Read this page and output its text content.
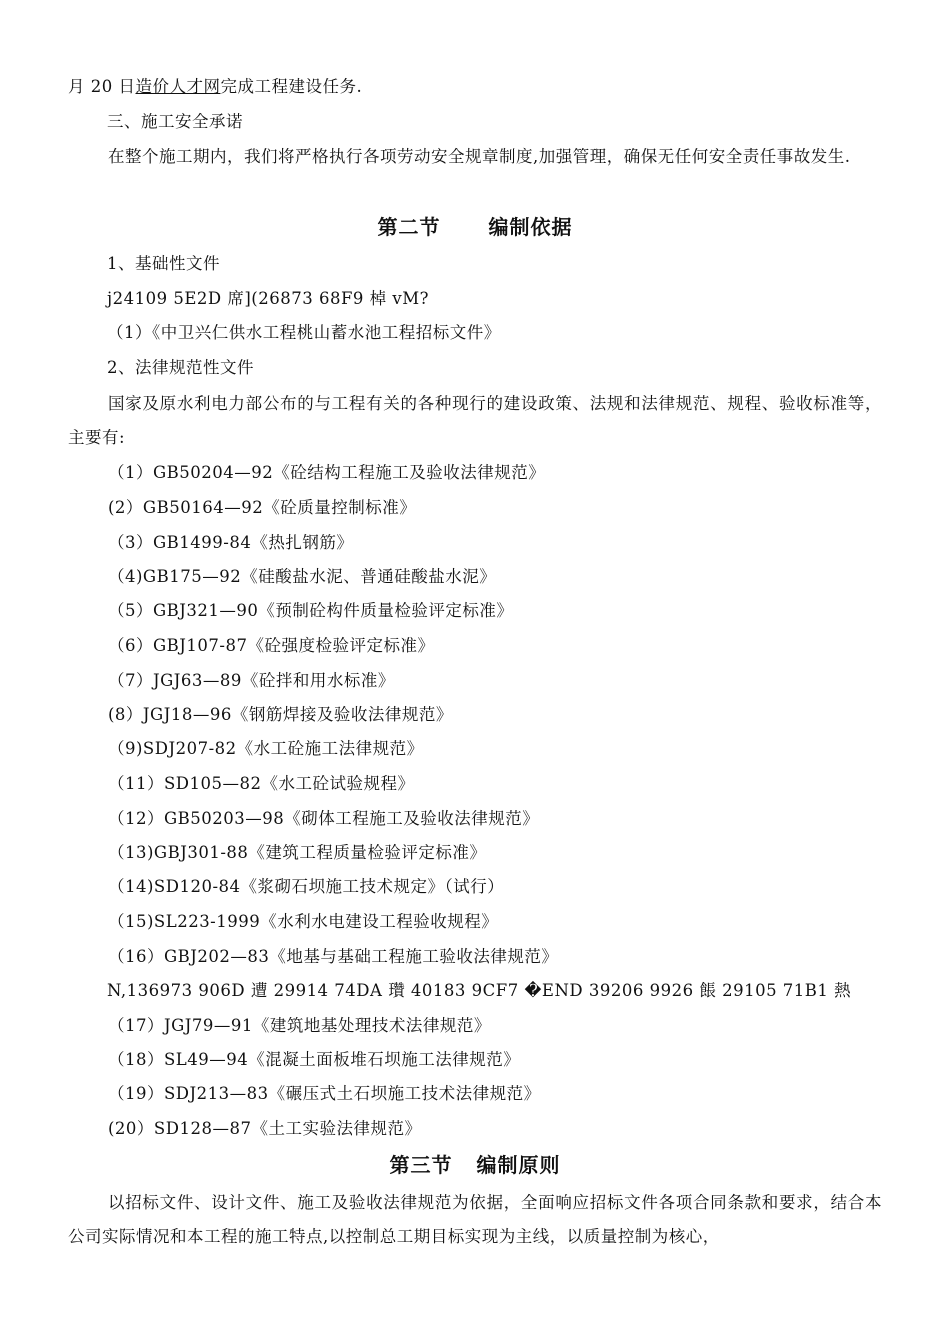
月 20 日造价人才网完成工程建设任务.
三、施工安全承诺
在整个施工期内，我们将严格执行各项劳动安全规章制度,加强管理，确保无任何安全责任事故发生.
第二节 编制依据
1、基础性文件
j24109 5E2D 席](26873 68F9 棹 vM?
（1）《中卫兴仁供水工程桃山蓄水池工程招标文件》
2、法律规范性文件
国家及原水利电力部公布的与工程有关的各种现行的建设政策、法规和法律规范、规程、验收标准等，主要有:
（1）GB50204—92《砼结构工程施工及验收法律规范》
(2）GB50164—92《砼质量控制标准》
（3）GB1499-84《热扎钢筋》
（4)GB175—92《硅酸盐水泥、普通硅酸盐水泥》
（5）GBJ321—90《预制砼构件质量检验评定标准》
（6）GBJ107-87《砼强度检验评定标准》
（7）JGJ63—89《砼拌和用水标准》
(8）JGJ18—96《钢筋焊接及验收法律规范》
（9)SDJ207-82《水工砼施工法律规范》
（11）SD105—82《水工砼试验规程》
（12）GB50203—98《砌体工程施工及验收法律规范》
（13)GBJ301-88《建筑工程质量检验评定标准》
（14)SD120-84《浆砌石坝施工技术规定》（试行）
（15)SL223-1999《水利水电建设工程验收规程》
（16）GBJ202—83《地基与基础工程施工验收法律规范》
N,136973 906D 遭 29914 74DA 瓚 40183 9CF7 �END 39206 9926 餦 29105 71B1 熱
（17）JGJ79—91《建筑地基处理技术法律规范》
（18）SL49—94《混凝土面板堆石坝施工法律规范》
（19）SDJ213—83《碾压式土石坝施工技术法律规范》
(20）SD128—87《土工实验法律规范》
第三节 编制原则
以招标文件、设计文件、施工及验收法律规范为依据，全面响应招标文件各项合同条款和要求，结合本公司实际情况和本工程的施工特点,以控制总工期目标实现为主线，以质量控制为核心，
